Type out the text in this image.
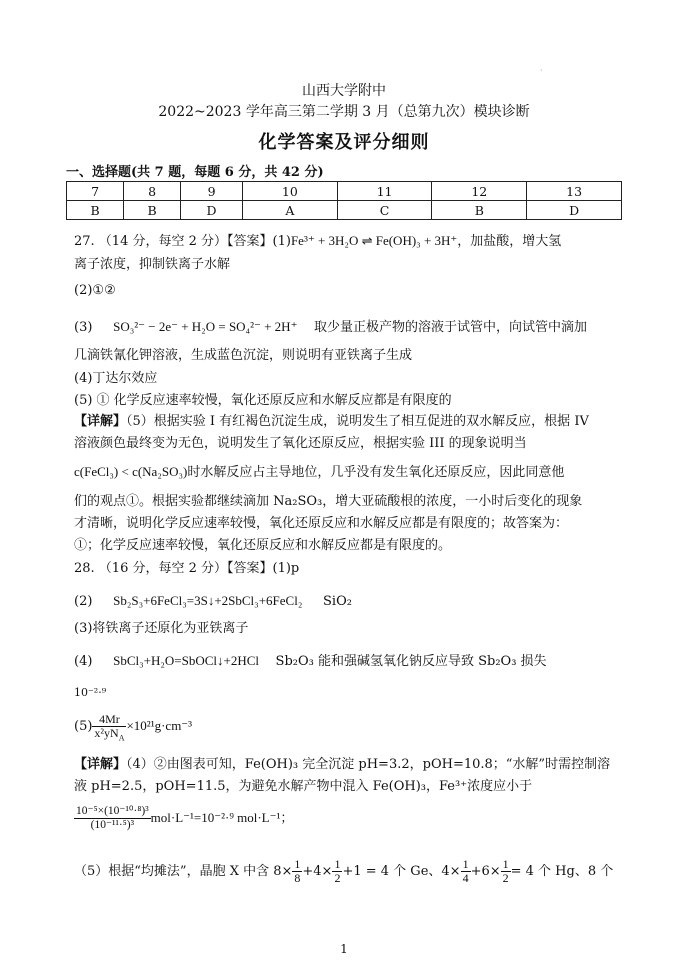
·
山西大学附中
2022~2023 学年高三第二学期 3 月（总第九次）模块诊断
化学答案及评分细则
一、选择题(共 7 题，每题 6 分，共 42 分)
7	8	9	10	11	12	13
B	B	D	A	C	B	D
27. （14 分，每空 2 分）【答案】(1)Fe³⁺ + 3H₂O ⇌ Fe(OH)₃ + 3H⁺，加盐酸，增大氢
离子浓度，抑制铁离子水解
(2)①②
(3) SO₃²⁻ − 2e⁻ + H₂O = SO₄²⁻ + 2H⁺ 取少量正极产物的溶液于试管中，向试管中滴加
几滴铁氰化钾溶液，生成蓝色沉淀，则说明有亚铁离子生成
(4)丁达尔效应
(5) ① 化学反应速率较慢，氧化还原反应和水解反应都是有限度的
【详解】（5）根据实验 I 有红褐色沉淀生成，说明发生了相互促进的双水解反应，根据 IV
溶液颜色最终变为无色，说明发生了氧化还原反应，根据实验 III 的现象说明当
c(FeCl₃) < c(Na₂SO₃)时水解反应占主导地位，几乎没有发生氧化还原反应，因此同意他
们的观点①。根据实验都继续滴加 Na₂SO₃，增大亚硫酸根的浓度，一小时后变化的现象
才清晰，说明化学反应速率较慢，氧化还原反应和水解反应都是有限度的；故答案为：
①；化学反应速率较慢，氧化还原反应和水解反应都是有限度的。
28. （16 分，每空 2 分）【答案】(1)p
(2) Sb₂S₃+6FeCl₃=3S↓+2SbCl₃+6FeCl₂ SiO₂
(3)将铁离子还原化为亚铁离子
(4) SbCl₃+H₂O=SbOCl↓+2HCl Sb₂O₃ 能和强碱氢氧化钠反应导致 Sb₂O₃ 损失
10⁻²·⁹
$(5) \frac{4Mr}{x^2yN_A} \times 10^{21}g\cdot cm^{-3}$
【详解】（4）②由图表可知，Fe(OH)₃ 完全沉淀 pH=3.2，pOH=10.8；“水解”时需控制溶
液 pH=2.5，pOH=11.5，为避免水解产物中混入 Fe(OH)₃，Fe³⁺浓度应小于
$\frac{\text{10⁻⁵×(10⁻¹⁰·⁸)³}}{\text{(10⁻¹¹·⁵)³}} mol\cdot L^{-1}=10^{-2}\cdot^9$ mol·L⁻¹；
（5）根据“均摊法”，晶胞 X 中含 $8\times \frac{1}{8} +4\times \frac{1}{2} +1 = 4$ 个 Ge、$4\times \frac{1}{4} +6\times \frac{1}{2} = 4$ 个 Hg、8 个
1
